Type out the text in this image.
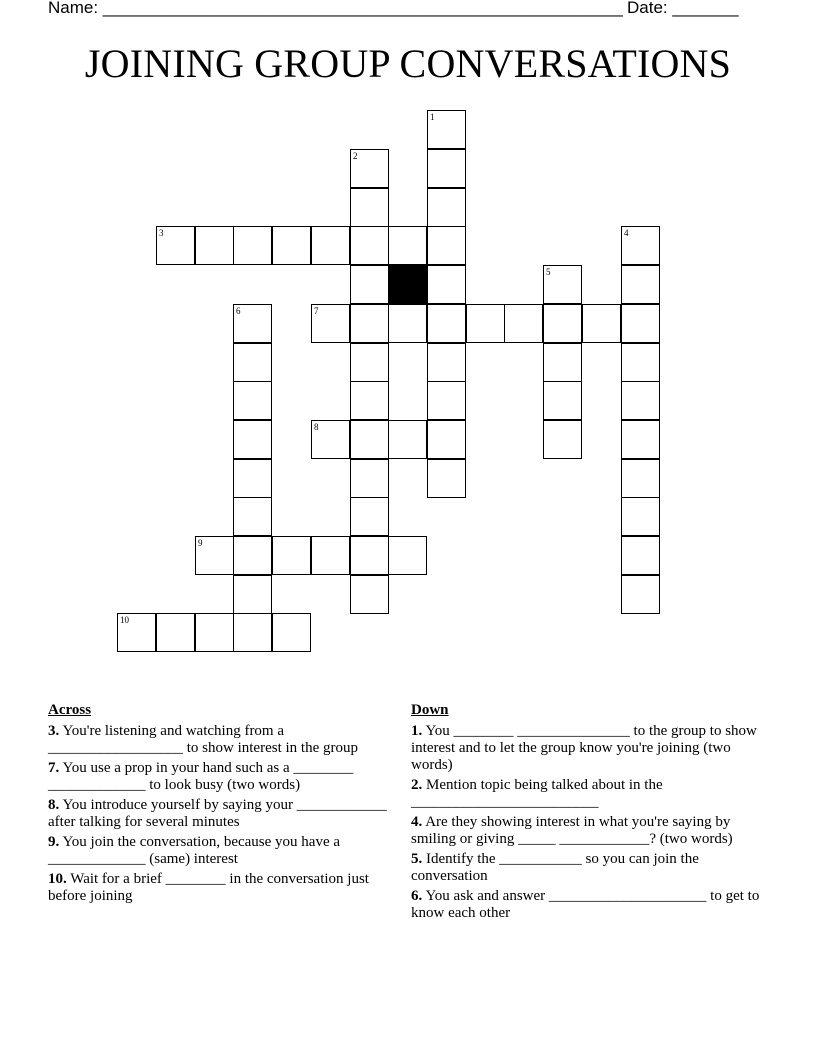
Name: _______________________________________________________ Date: _______
JOINING GROUP CONVERSATIONS
1
2
3	4
5
6	7
8
9
10
Across
3. You're listening and watching from a __________________ to show interest in the group
7. You use a prop in your hand such as a ________ _____________ to look busy (two words)
8. You introduce yourself by saying your ____________ after talking for several minutes
9. You join the conversation, because you have a _____________ (same) interest
10. Wait for a brief ________ in the conversation just before joining
Down
1. You ________ _______________ to the group to show interest and to let the group know you're joining (two words)
2. Mention topic being talked about in the _________________________
4. Are they showing interest in what you're saying by smiling or giving _____ ____________? (two words)
5. Identify the ___________ so you can join the conversation
6. You ask and answer _____________________ to get to know each other
